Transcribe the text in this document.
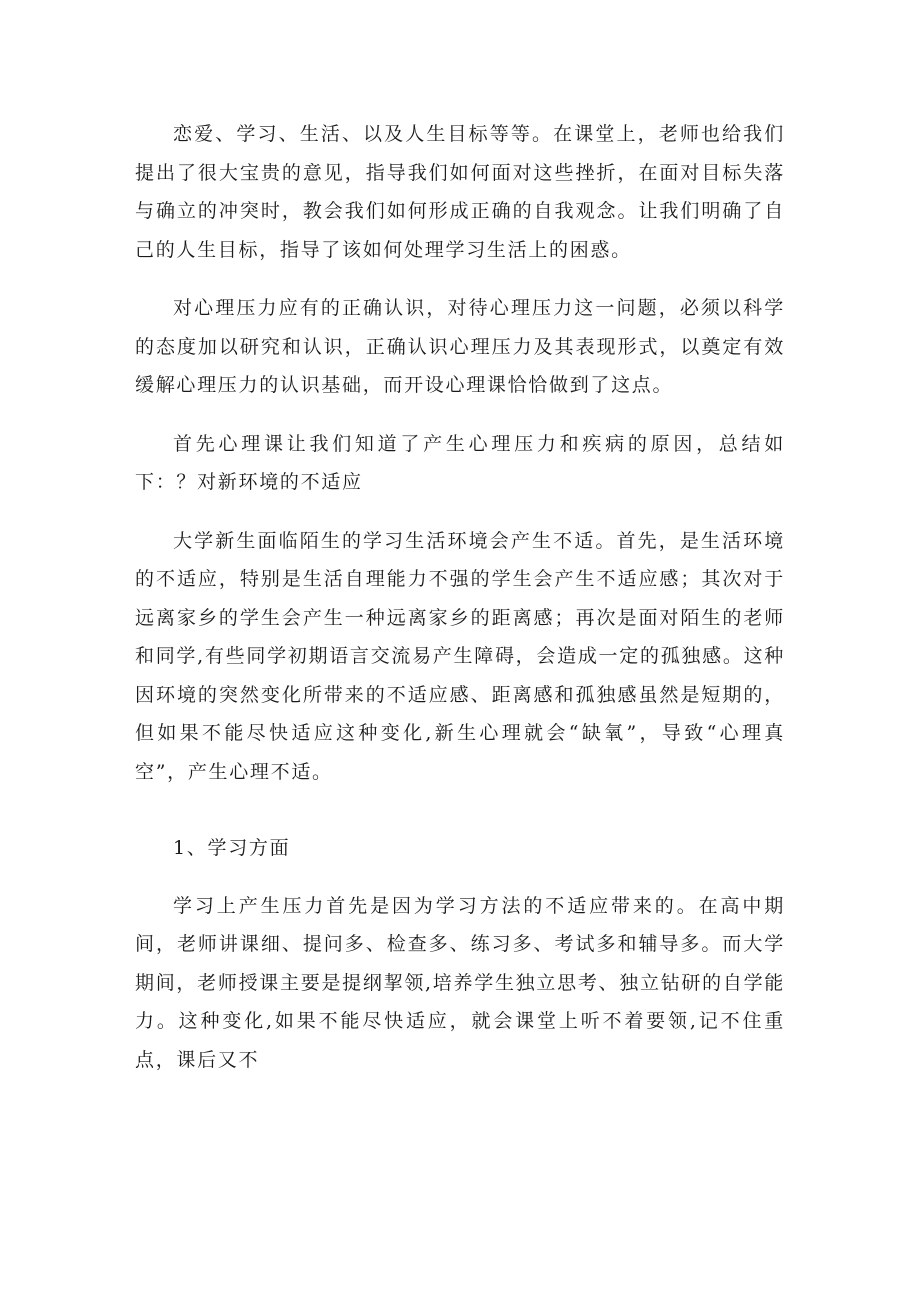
恋爱、学习、生活、以及人生目标等等。在课堂上，老师也给我们提出了很大宝贵的意见，指导我们如何面对这些挫折，在面对目标失落与确立的冲突时，教会我们如何形成正确的自我观念。让我们明确了自己的人生目标，指导了该如何处理学习生活上的困惑。

对心理压力应有的正确认识，对待心理压力这一问题，必须以科学的态度加以研究和认识，正确认识心理压力及其表现形式，以奠定有效缓解心理压力的认识基础，而开设心理课恰恰做到了这点。

首先心理课让我们知道了产生心理压力和疾病的原因，总结如下：？对新环境的不适应

大学新生面临陌生的学习生活环境会产生不适。首先，是生活环境的不适应，特别是生活自理能力不强的学生会产生不适应感；其次对于远离家乡的学生会产生一种远离家乡的距离感；再次是面对陌生的老师和同学,有些同学初期语言交流易产生障碍，会造成一定的孤独感。这种因环境的突然变化所带来的不适应感、距离感和孤独感虽然是短期的，但如果不能尽快适应这种变化,新生心理就会“缺氧”，导致“心理真空”，产生心理不适。

1、学习方面

学习上产生压力首先是因为学习方法的不适应带来的。在高中期间，老师讲课细、提问多、检查多、练习多、考试多和辅导多。而大学期间，老师授课主要是提纲挈领,培养学生独立思考、独立钻研的自学能力。这种变化,如果不能尽快适应，就会课堂上听不着要领,记不住重点，课后又不
